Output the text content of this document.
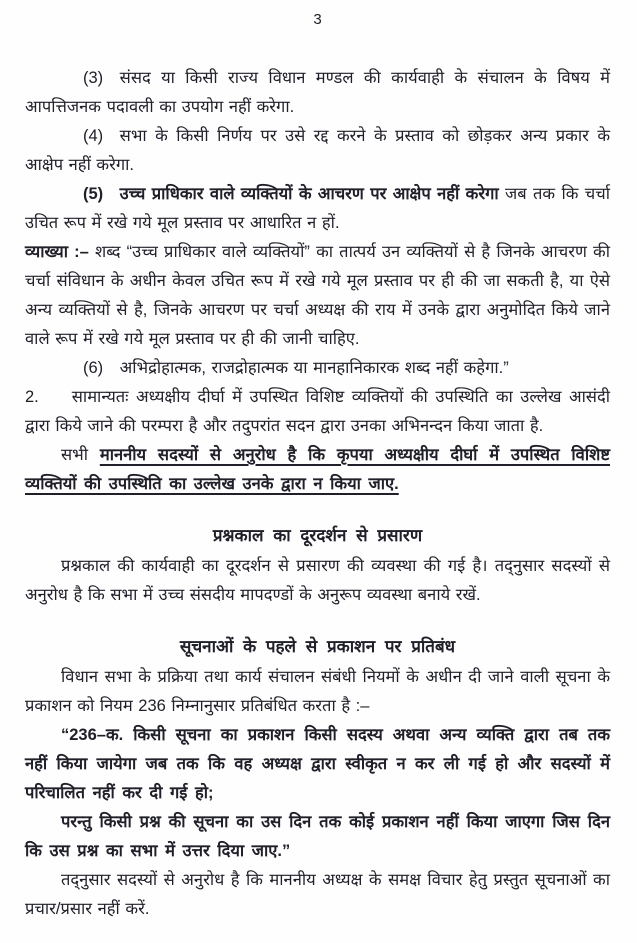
3

(3) संसद या किसी राज्य विधान मण्डल की कार्यवाही के संचालन के विषय में आपत्तिजनक पदावली का उपयोग नहीं करेगा.

(4) सभा के किसी निर्णय पर उसे रद्द करने के प्रस्ताव को छोड़कर अन्य प्रकार के आक्षेप नहीं करेगा.

(5) उच्च प्राधिकार वाले व्यक्तियों के आचरण पर आक्षेप नहीं करेगा जब तक कि चर्चा उचित रूप में रखे गये मूल प्रस्ताव पर आधारित न हों.

व्याख्या :– शब्द “उच्च प्राधिकार वाले व्यक्तियों” का तात्पर्य उन व्यक्तियों से है जिनके आचरण की चर्चा संविधान के अधीन केवल उचित रूप में रखे गये मूल प्रस्ताव पर ही की जा सकती है, या ऐसे अन्य व्यक्तियों से है, जिनके आचरण पर चर्चा अध्यक्ष की राय में उनके द्वारा अनुमोदित किये जाने वाले रूप में रखे गये मूल प्रस्ताव पर ही की जानी चाहिए.

(6) अभिद्रोहात्मक, राजद्रोहात्मक या मानहानिकारक शब्द नहीं कहेगा.”

2.  सामान्यतः अध्यक्षीय दीर्घा में उपस्थित विशिष्ट व्यक्तियों की उपस्थिति का उल्लेख आसंदी द्वारा किये जाने की परम्परा है और तदुपरांत सदन द्वारा उनका अभिनन्दन किया जाता है.

सभी माननीय सदस्यों से अनुरोध है कि कृपया अध्यक्षीय दीर्घा में उपस्थित विशिष्ट व्यक्तियों की उपस्थिति का उल्लेख उनके द्वारा न किया जाए.

प्रश्नकाल का दूरदर्शन से प्रसारण

प्रश्नकाल की कार्यवाही का दूरदर्शन से प्रसारण की व्यवस्था की गई है। तद्नुसार सदस्यों से अनुरोध है कि सभा में उच्च संसदीय मापदण्डों के अनुरूप व्यवस्था बनाये रखें.

सूचनाओं के पहले से प्रकाशन पर प्रतिबंध

विधान सभा के प्रक्रिया तथा कार्य संचालन संबंधी नियमों के अधीन दी जाने वाली सूचना के प्रकाशन को नियम 236 निम्नानुसार प्रतिबंधित करता है :–

“236–क. किसी सूचना का प्रकाशन किसी सदस्य अथवा अन्य व्यक्ति द्वारा तब तक नहीं किया जायेगा जब तक कि वह अध्यक्ष द्वारा स्वीकृत न कर ली गई हो और सदस्यों में परिचालित नहीं कर दी गई हो;

परन्तु किसी प्रश्न की सूचना का उस दिन तक कोई प्रकाशन नहीं किया जाएगा जिस दिन कि उस प्रश्न का सभा में उत्तर दिया जाए.”

तद्नुसार सदस्यों से अनुरोध है कि माननीय अध्यक्ष के समक्ष विचार हेतु प्रस्तुत सूचनाओं का प्रचार/प्रसार नहीं करें.
